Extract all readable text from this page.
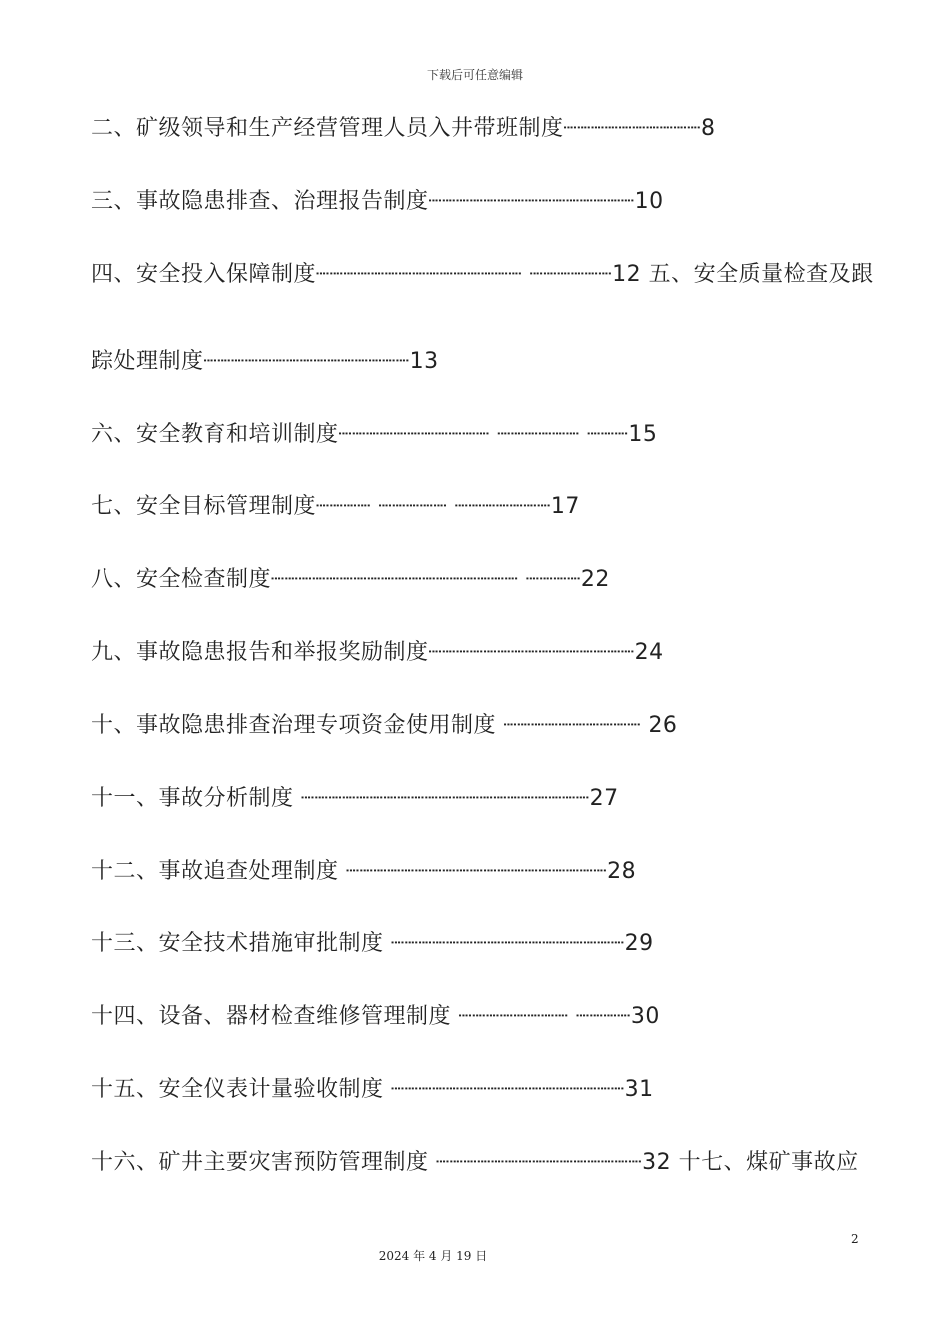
下载后可任意编辑
二、矿级领导和生产经营管理人员入井带班制度┈┈┈┈┈┈┈┈┈┈8
三、事故隐患排查、治理报告制度┈┈┈┈┈┈┈┈┈┈┈┈┈┈┈10
四、安全投入保障制度┈┈┈┈┈┈┈┈┈┈┈┈┈┈┈ ┈┈┈┈┈┈12 五、安全质量检查及跟
踪处理制度┈┈┈┈┈┈┈┈┈┈┈┈┈┈┈13
六、安全教育和培训制度┈┈┈┈┈┈┈┈┈┈┈ ┈┈┈┈┈┈ ┈┈┈15
七、安全目标管理制度┈┈┈┈ ┈┈┈┈┈ ┈┈┈┈┈┈┈17
八、安全检查制度┈┈┈┈┈┈┈┈┈┈┈┈┈┈┈┈┈┈ ┈┈┈┈22
九、事故隐患报告和举报奖励制度┈┈┈┈┈┈┈┈┈┈┈┈┈┈┈24
十、事故隐患排查治理专项资金使用制度 ┈┈┈┈┈┈┈┈┈┈ 26
十一、事故分析制度 ┈┈┈┈┈┈┈┈┈┈┈┈┈┈┈┈┈┈┈┈┈27
十二、事故追查处理制度 ┈┈┈┈┈┈┈┈┈┈┈┈┈┈┈┈┈┈┈28
十三、安全技术措施审批制度 ┈┈┈┈┈┈┈┈┈┈┈┈┈┈┈┈┈29
十四、设备、器材检查维修管理制度 ┈┈┈┈┈┈┈┈ ┈┈┈┈30
十五、安全仪表计量验收制度 ┈┈┈┈┈┈┈┈┈┈┈┈┈┈┈┈┈31
十六、矿井主要灾害预防管理制度 ┈┈┈┈┈┈┈┈┈┈┈┈┈┈┈32 十七、煤矿事故应
2
2024 年 4 月 19 日
